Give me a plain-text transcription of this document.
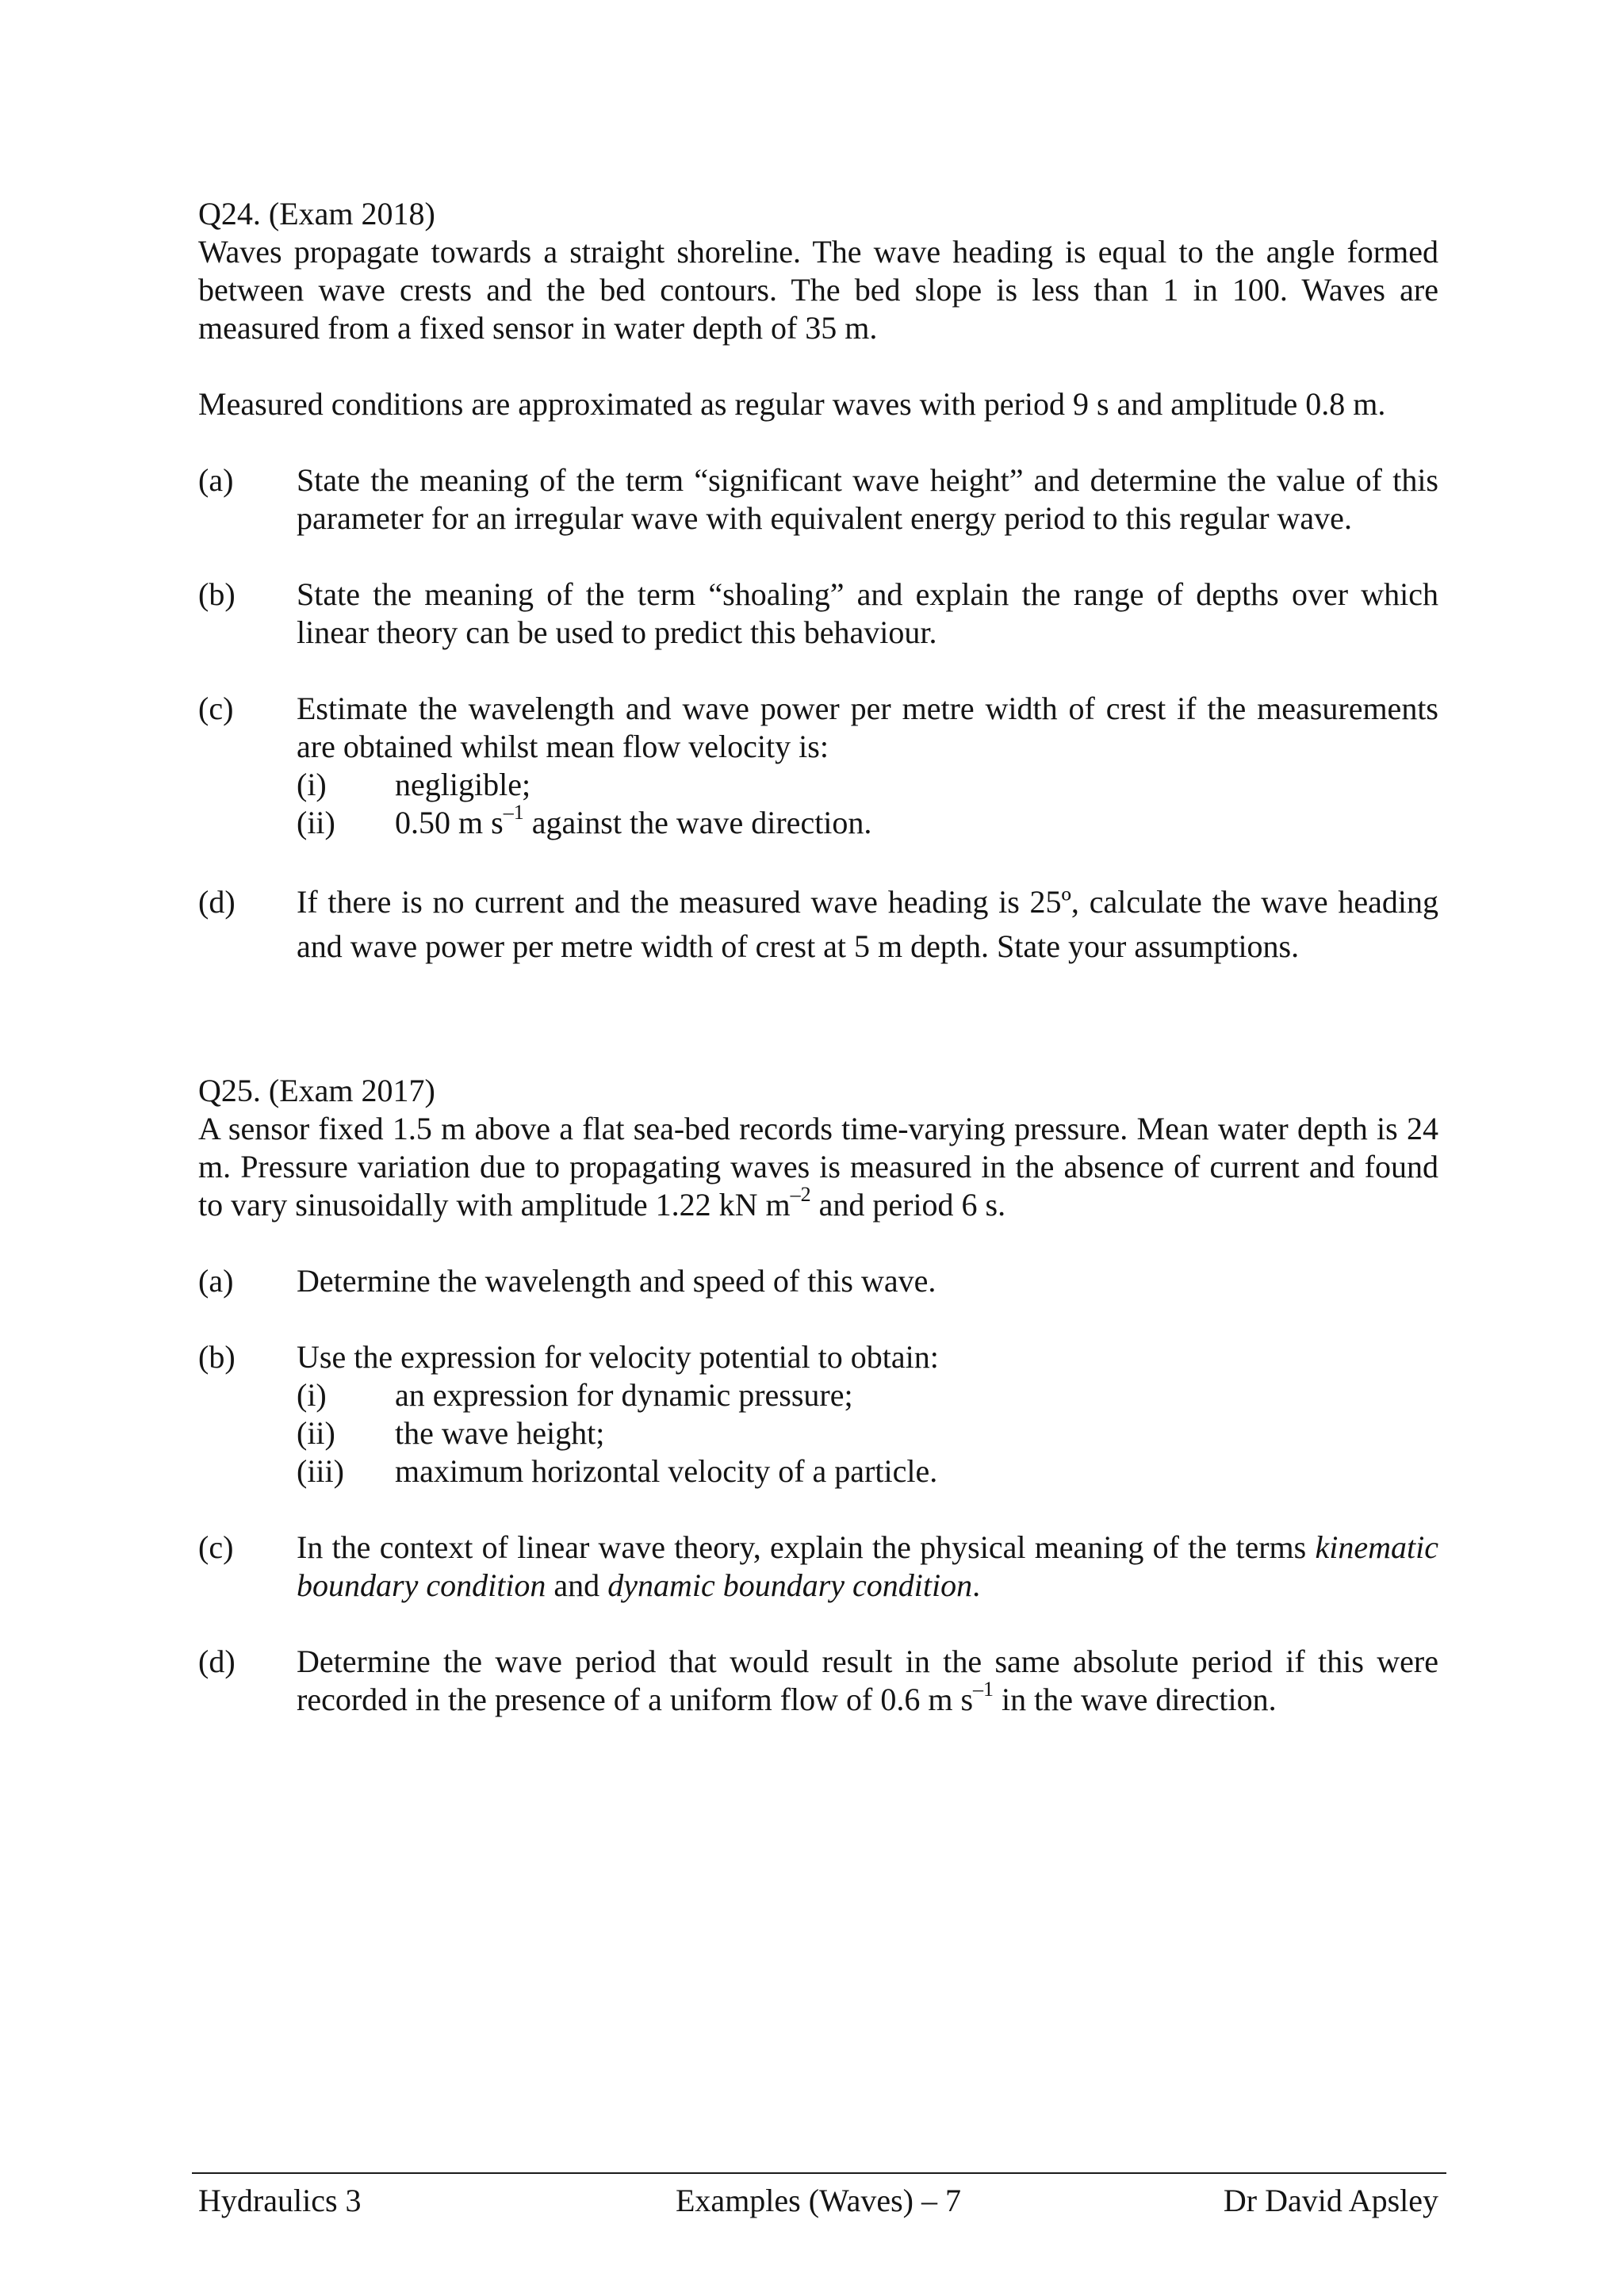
Q24. (Exam 2018)

Waves propagate towards a straight shoreline. The wave heading is equal to the angle formed between wave crests and the bed contours. The bed slope is less than 1 in 100. Waves are measured from a fixed sensor in water depth of 35 m.

Measured conditions are approximated as regular waves with period 9 s and amplitude 0.8 m.

(a)	State the meaning of the term “significant wave height” and determine the value of this parameter for an irregular wave with equivalent energy period to this regular wave.
(b)	State the meaning of the term “shoaling” and explain the range of depths over which linear theory can be used to predict this behaviour.
(c)	Estimate the wavelength and wave power per metre width of crest if the measurements are obtained whilst mean flow velocity is:
(i)	negligible;
(ii)	0.50 m $s^{-1}$ against the wave direction.
(d)	If there is no current and the measured wave heading is 25º, calculate the wave heading and wave power per metre width of crest at 5 m depth. State your assumptions.

Q25. (Exam 2017)

A sensor fixed 1.5 m above a flat sea-bed records time-varying pressure. Mean water depth is 24 m. Pressure variation due to propagating waves is measured in the absence of current and found to vary sinusoidally with amplitude 1.22 kN $m^{-2}$ and period 6 s.

(a)	Determine the wavelength and speed of this wave.
(b)	Use the expression for velocity potential to obtain:
(i)	an expression for dynamic pressure;
(ii)	the wave height;
(iii)	maximum horizontal velocity of a particle.
(c)	In the context of linear wave theory, explain the physical meaning of the terms kinematic boundary condition and dynamic boundary condition.
(d)	Determine the wave period that would result in the same absolute period if this were recorded in the presence of a uniform flow of 0.6 m $s^{-1}$ in the wave direction.
Hydraulics 3	Examples (Waves) – 7	Dr David Apsley
